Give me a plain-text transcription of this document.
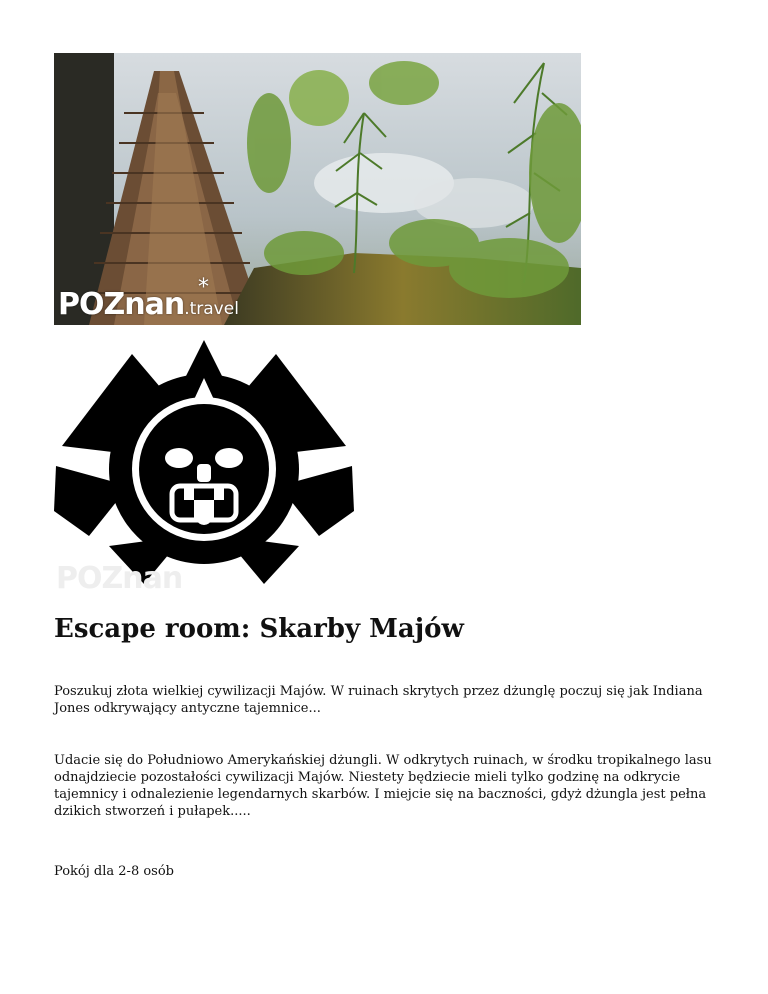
POZnan.travel
*
POZnan
Escape room: Skarby Majów

Poszukuj złota wielkiej cywilizacji Majów. W ruinach skrytych przez dżunglę poczuj się jak Indiana Jones odkrywający antyczne tajemnice...

Udacie się do Południowo Amerykańskiej dżungli. W odkrytych ruinach, w środku tropikalnego lasu odnajdziecie pozostałości cywilizacji Majów. Niestety będziecie mieli tylko godzinę na odkrycie tajemnicy i odnalezienie legendarnych skarbów. I miejcie się na baczności, gdyż dżungla jest pełna dzikich stworzeń i pułapek.....

Pokój dla 2-8 osób
